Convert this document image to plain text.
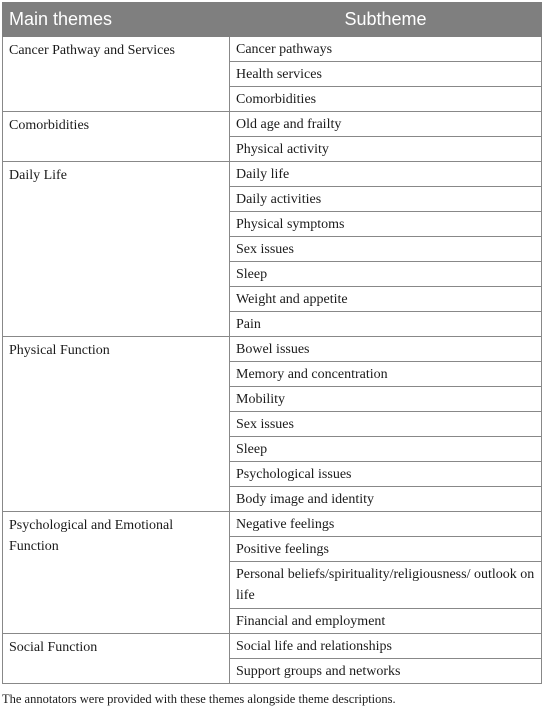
Main themes	Subtheme
Cancer Pathway and Services	Cancer pathways
	Health services
	Comorbidities
Comorbidities	Old age and frailty
	Physical activity
Daily Life	Daily life
	Daily activities
	Physical symptoms
	Sex issues
	Sleep
	Weight and appetite
	Pain
Physical Function	Bowel issues
	Memory and concentration
	Mobility
	Sex issues
	Sleep
	Psychological issues
	Body image and identity
Psychological and Emotional Function	Negative feelings
	Positive feelings
	Personal beliefs/spirituality/religiousness/ outlook on life
	Financial and employment
Social Function	Social life and relationships
	Support groups and networks
The annotators were provided with these themes alongside theme descriptions.
